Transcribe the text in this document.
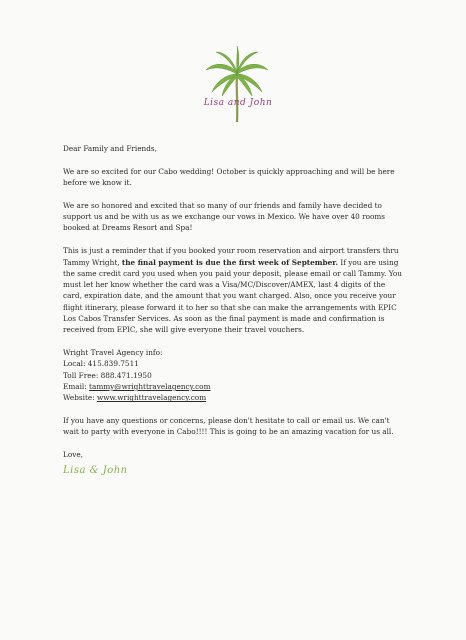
Lisa and John

Dear Family and Friends,

We are so excited for our Cabo wedding! October is quickly approaching and will be here before we know it.

We are so honored and excited that so many of our friends and family have decided to support us and be with us as we exchange our vows in Mexico. We have over 40 rooms booked at Dreams Resort and Spa!

This is just a reminder that if you booked your room reservation and airport transfers thru Tammy Wright, the final payment is due the first week of September. If you are using the same credit card you used when you paid your deposit, please email or call Tammy. You must let her know whether the card was a Visa/MC/Discover/AMEX, last 4 digits of the card, expiration date, and the amount that you want charged. Also, once you receive your flight itinerary, please forward it to her so that she can make the arrangements with EPIC Los Cabos Transfer Services. As soon as the final payment is made and confirmation is received from EPIC, she will give everyone their travel vouchers.

Wright Travel Agency info:

Local: 415.839.7511

Toll Free: 888.471.1950

Email: tammy@wrighttravelagency.com

Website: www.wrighttravelagency.com

If you have any questions or concerns, please don't hesitate to call or email us. We can't wait to party with everyone in Cabo!!!! This is going to be an amazing vacation for us all.

Love,

Lisa & John
